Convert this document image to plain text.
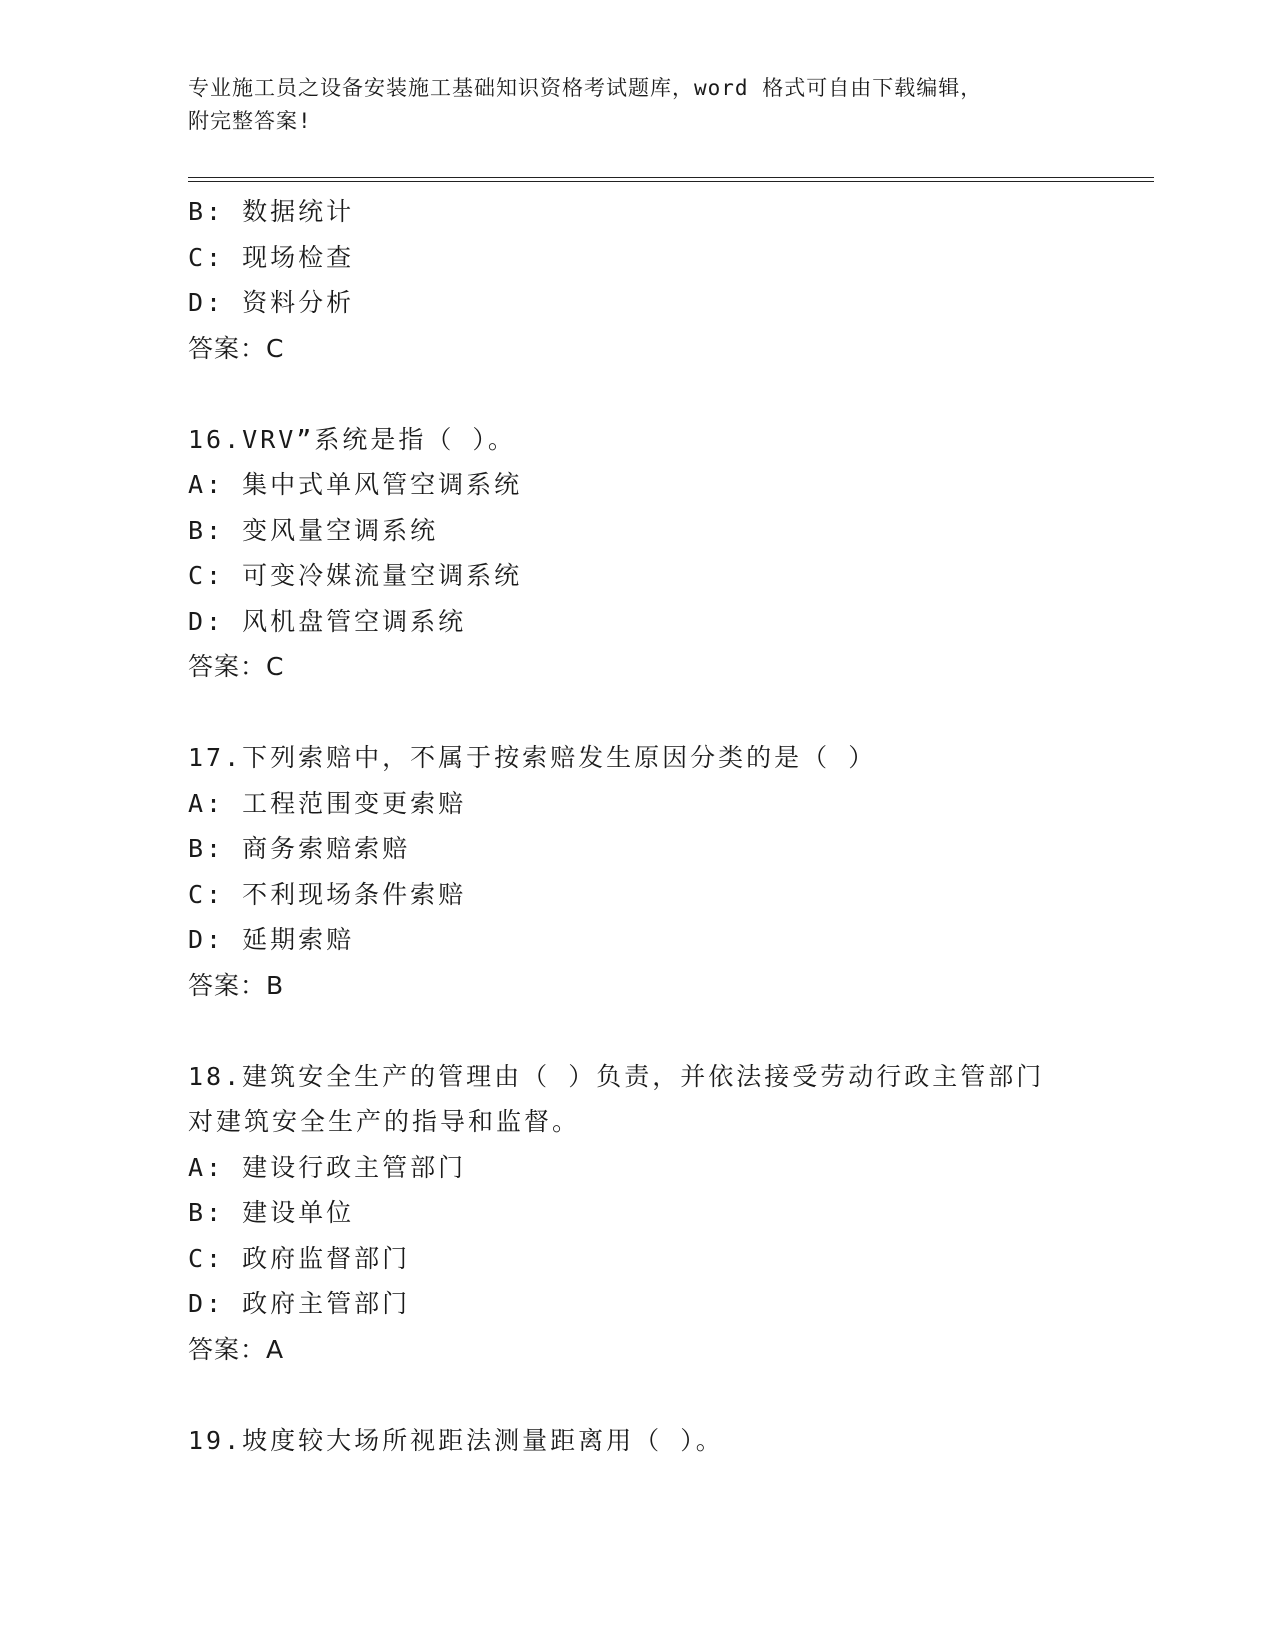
专业施工员之设备安装施工基础知识资格考试题库，word 格式可自由下载编辑，
附完整答案!
B: 数据统计
C: 现场检查
D: 资料分析
答案：C
16.VRV”系统是指（ ）。
A: 集中式单风管空调系统
B: 变风量空调系统
C: 可变冷媒流量空调系统
D: 风机盘管空调系统
答案：C
17.下列索赔中，不属于按索赔发生原因分类的是（ ）
A: 工程范围变更索赔
B: 商务索赔索赔
C: 不利现场条件索赔
D: 延期索赔
答案：B
18.建筑安全生产的管理由（ ）负责，并依法接受劳动行政主管部门
对建筑安全生产的指导和监督。
A: 建设行政主管部门
B: 建设单位
C: 政府监督部门
D: 政府主管部门
答案：A
19.坡度较大场所视距法测量距离用（ ）。
